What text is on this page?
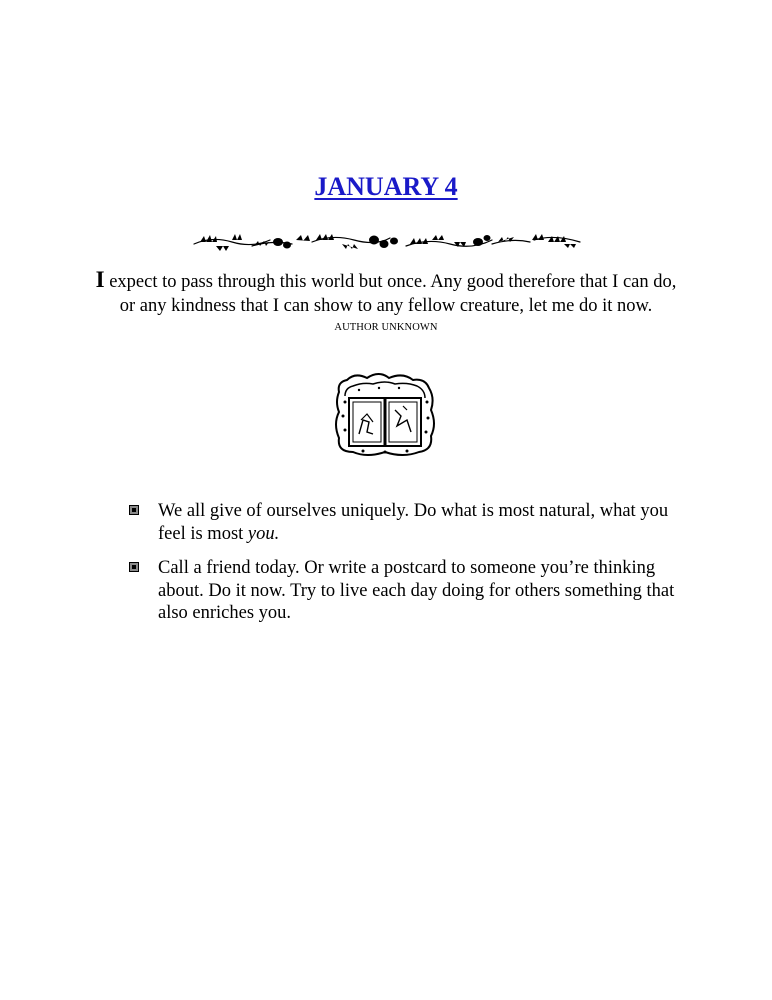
JANUARY 4
I expect to pass through this world but once. Any good therefore that I can do, or any kindness that I can show to any fellow creature, let me do it now.
AUTHOR UNKNOWN
We all give of ourselves uniquely. Do what is most natural, what you feel is most you.
Call a friend today. Or write a postcard to someone you’re thinking about. Do it now. Try to live each day doing for others something that also enriches you.
